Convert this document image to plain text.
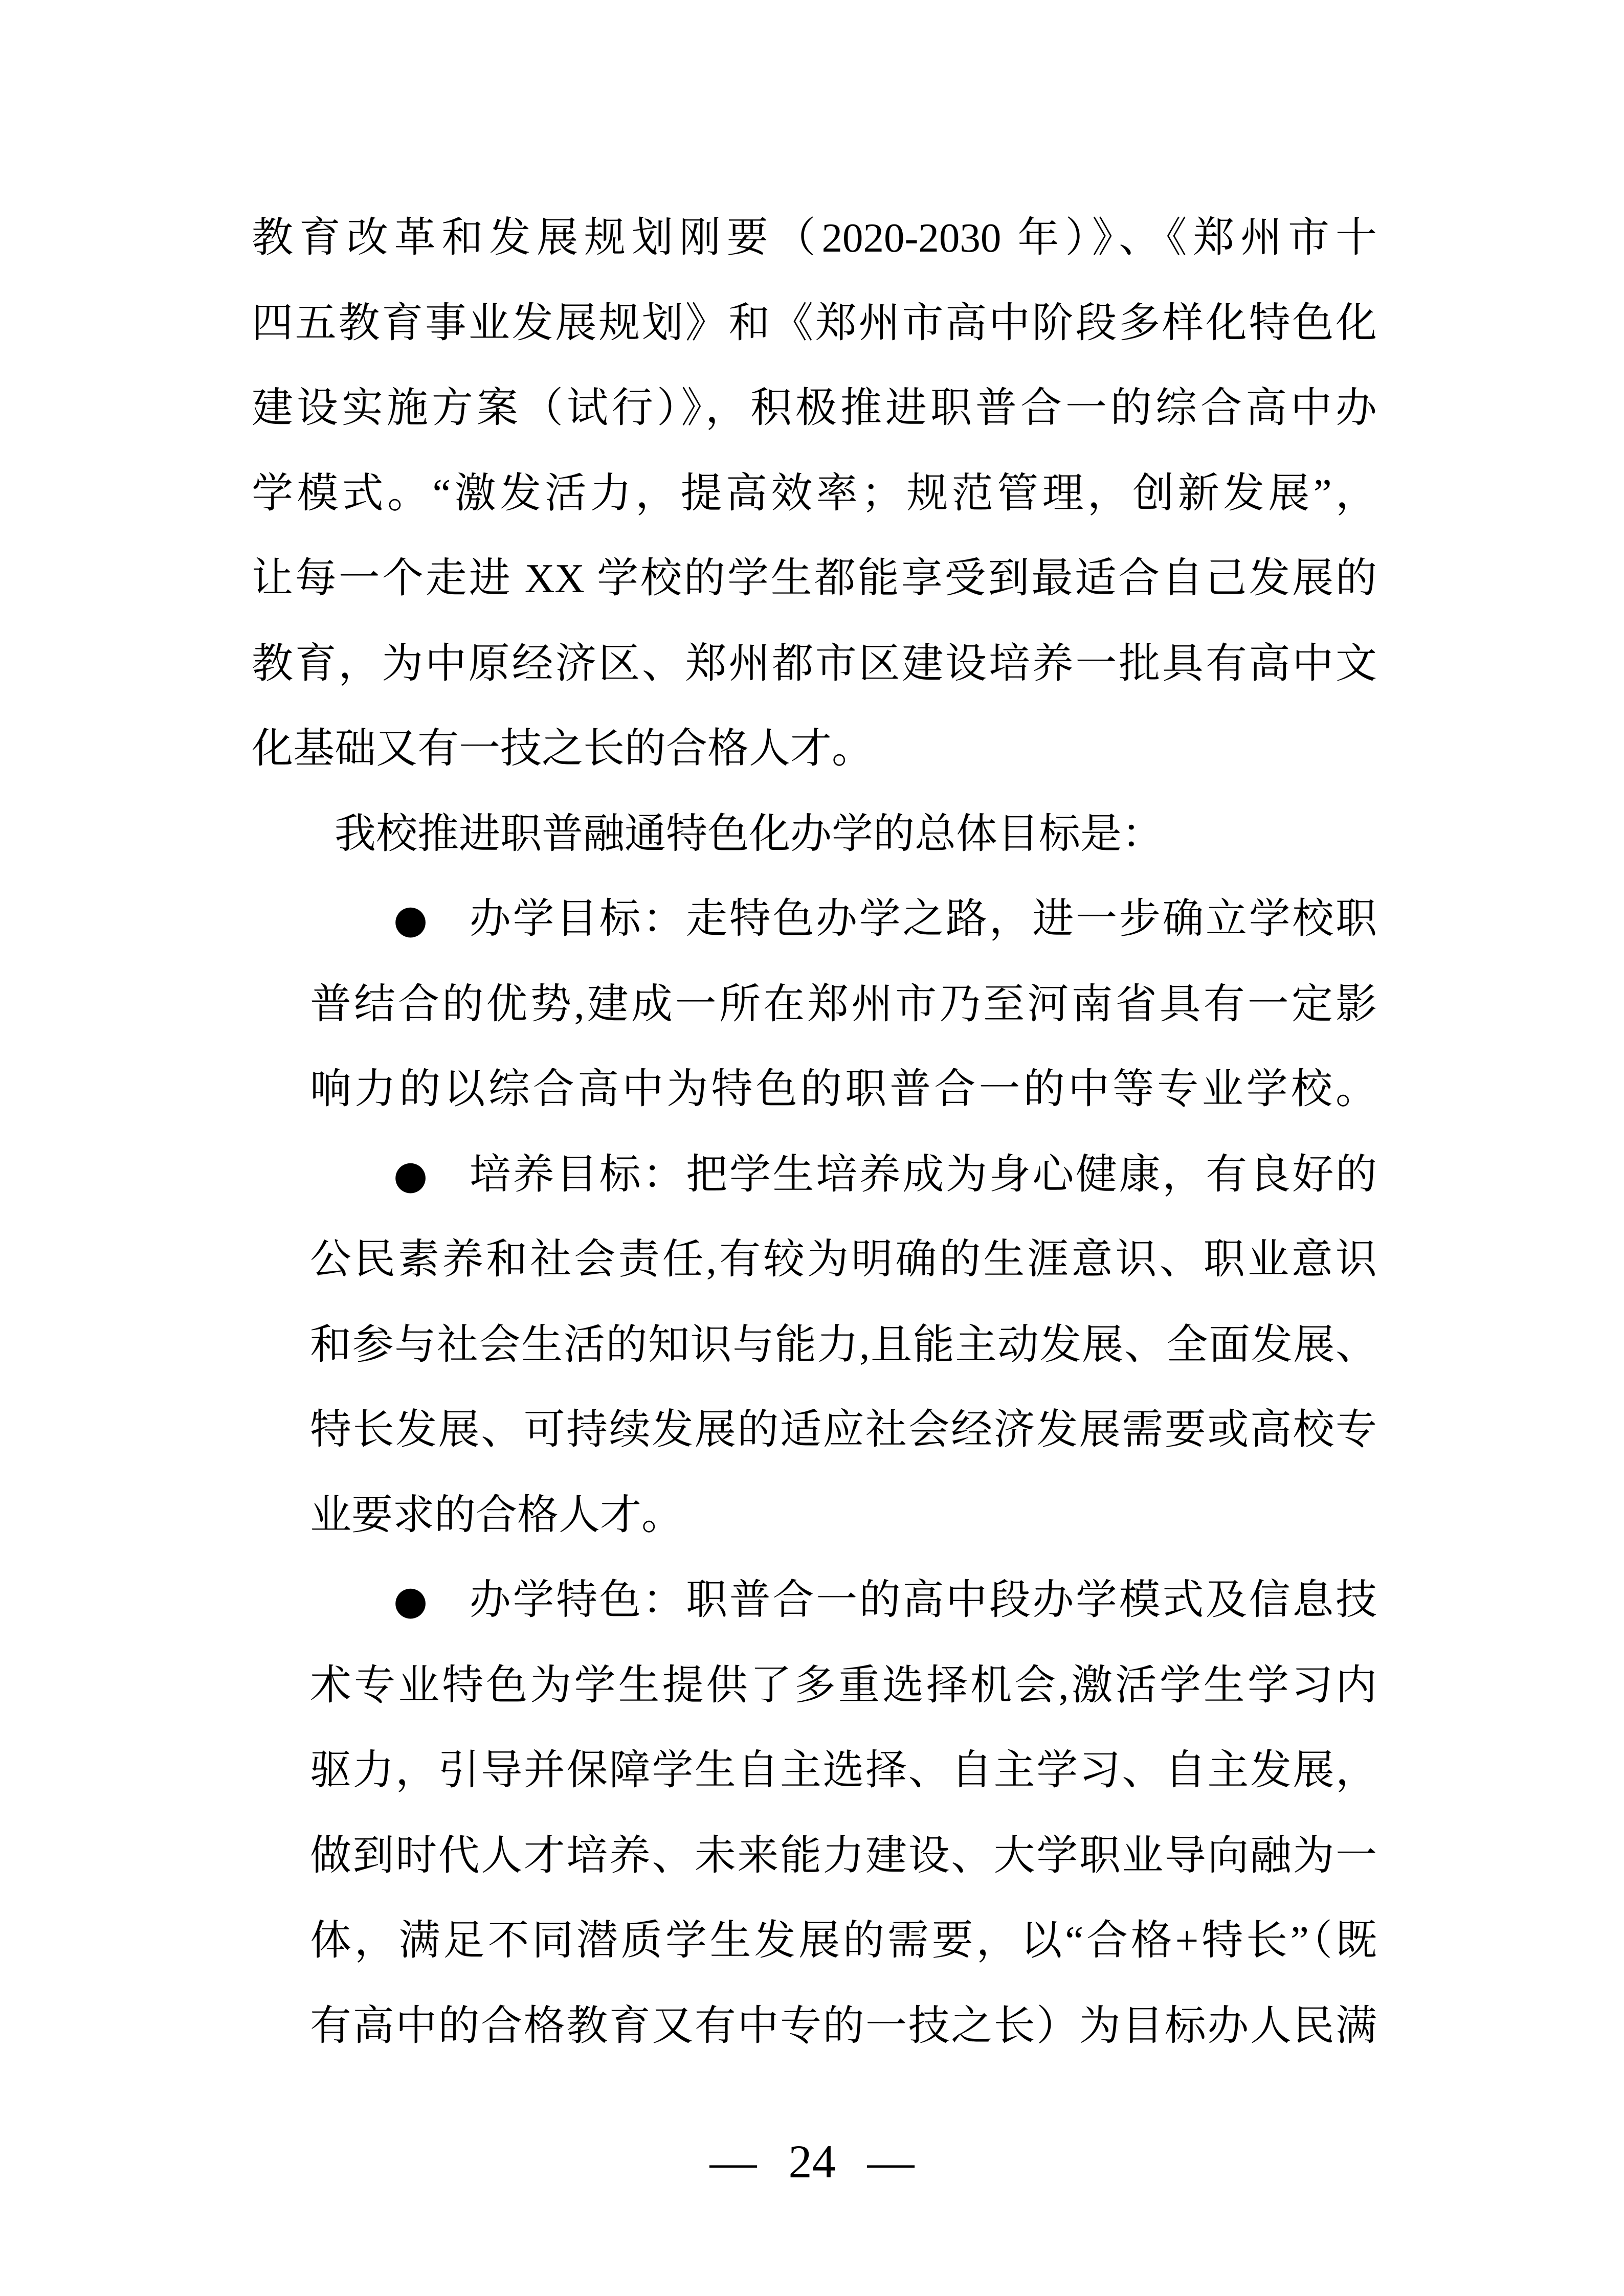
教育改革和发展规划刚要（2020-2030 年）》、《郑州市十
四五教育事业发展规划》和《郑州市高中阶段多样化特色化
建设实施方案（试行）》，积极推进职普合一的综合高中办
学模式。“激发活力，提高效率；规范管理，创新发展”，
让每一个走进 XX 学校的学生都能享受到最适合自己发展的
教育，为中原经济区、郑州都市区建设培养一批具有高中文
化基础又有一技之长的合格人才。
我校推进职普融通特色化办学的总体目标是：
● 办学目标：走特色办学之路，进一步确立学校职
普结合的优势,建成一所在郑州市乃至河南省具有一定影
响力的以综合高中为特色的职普合一的中等专业学校。
● 培养目标：把学生培养成为身心健康，有良好的
公民素养和社会责任,有较为明确的生涯意识、职业意识
和参与社会生活的知识与能力,且能主动发展、全面发展、
特长发展、可持续发展的适应社会经济发展需要或高校专
业要求的合格人才。
● 办学特色：职普合一的高中段办学模式及信息技
术专业特色为学生提供了多重选择机会,激活学生学习内
驱力，引导并保障学生自主选择、自主学习、自主发展，
做到时代人才培养、未来能力建设、大学职业导向融为一
体，满足不同潜质学生发展的需要，以“合格+特长”（既
有高中的合格教育又有中专的一技之长）为目标办人民满
— 24 —
